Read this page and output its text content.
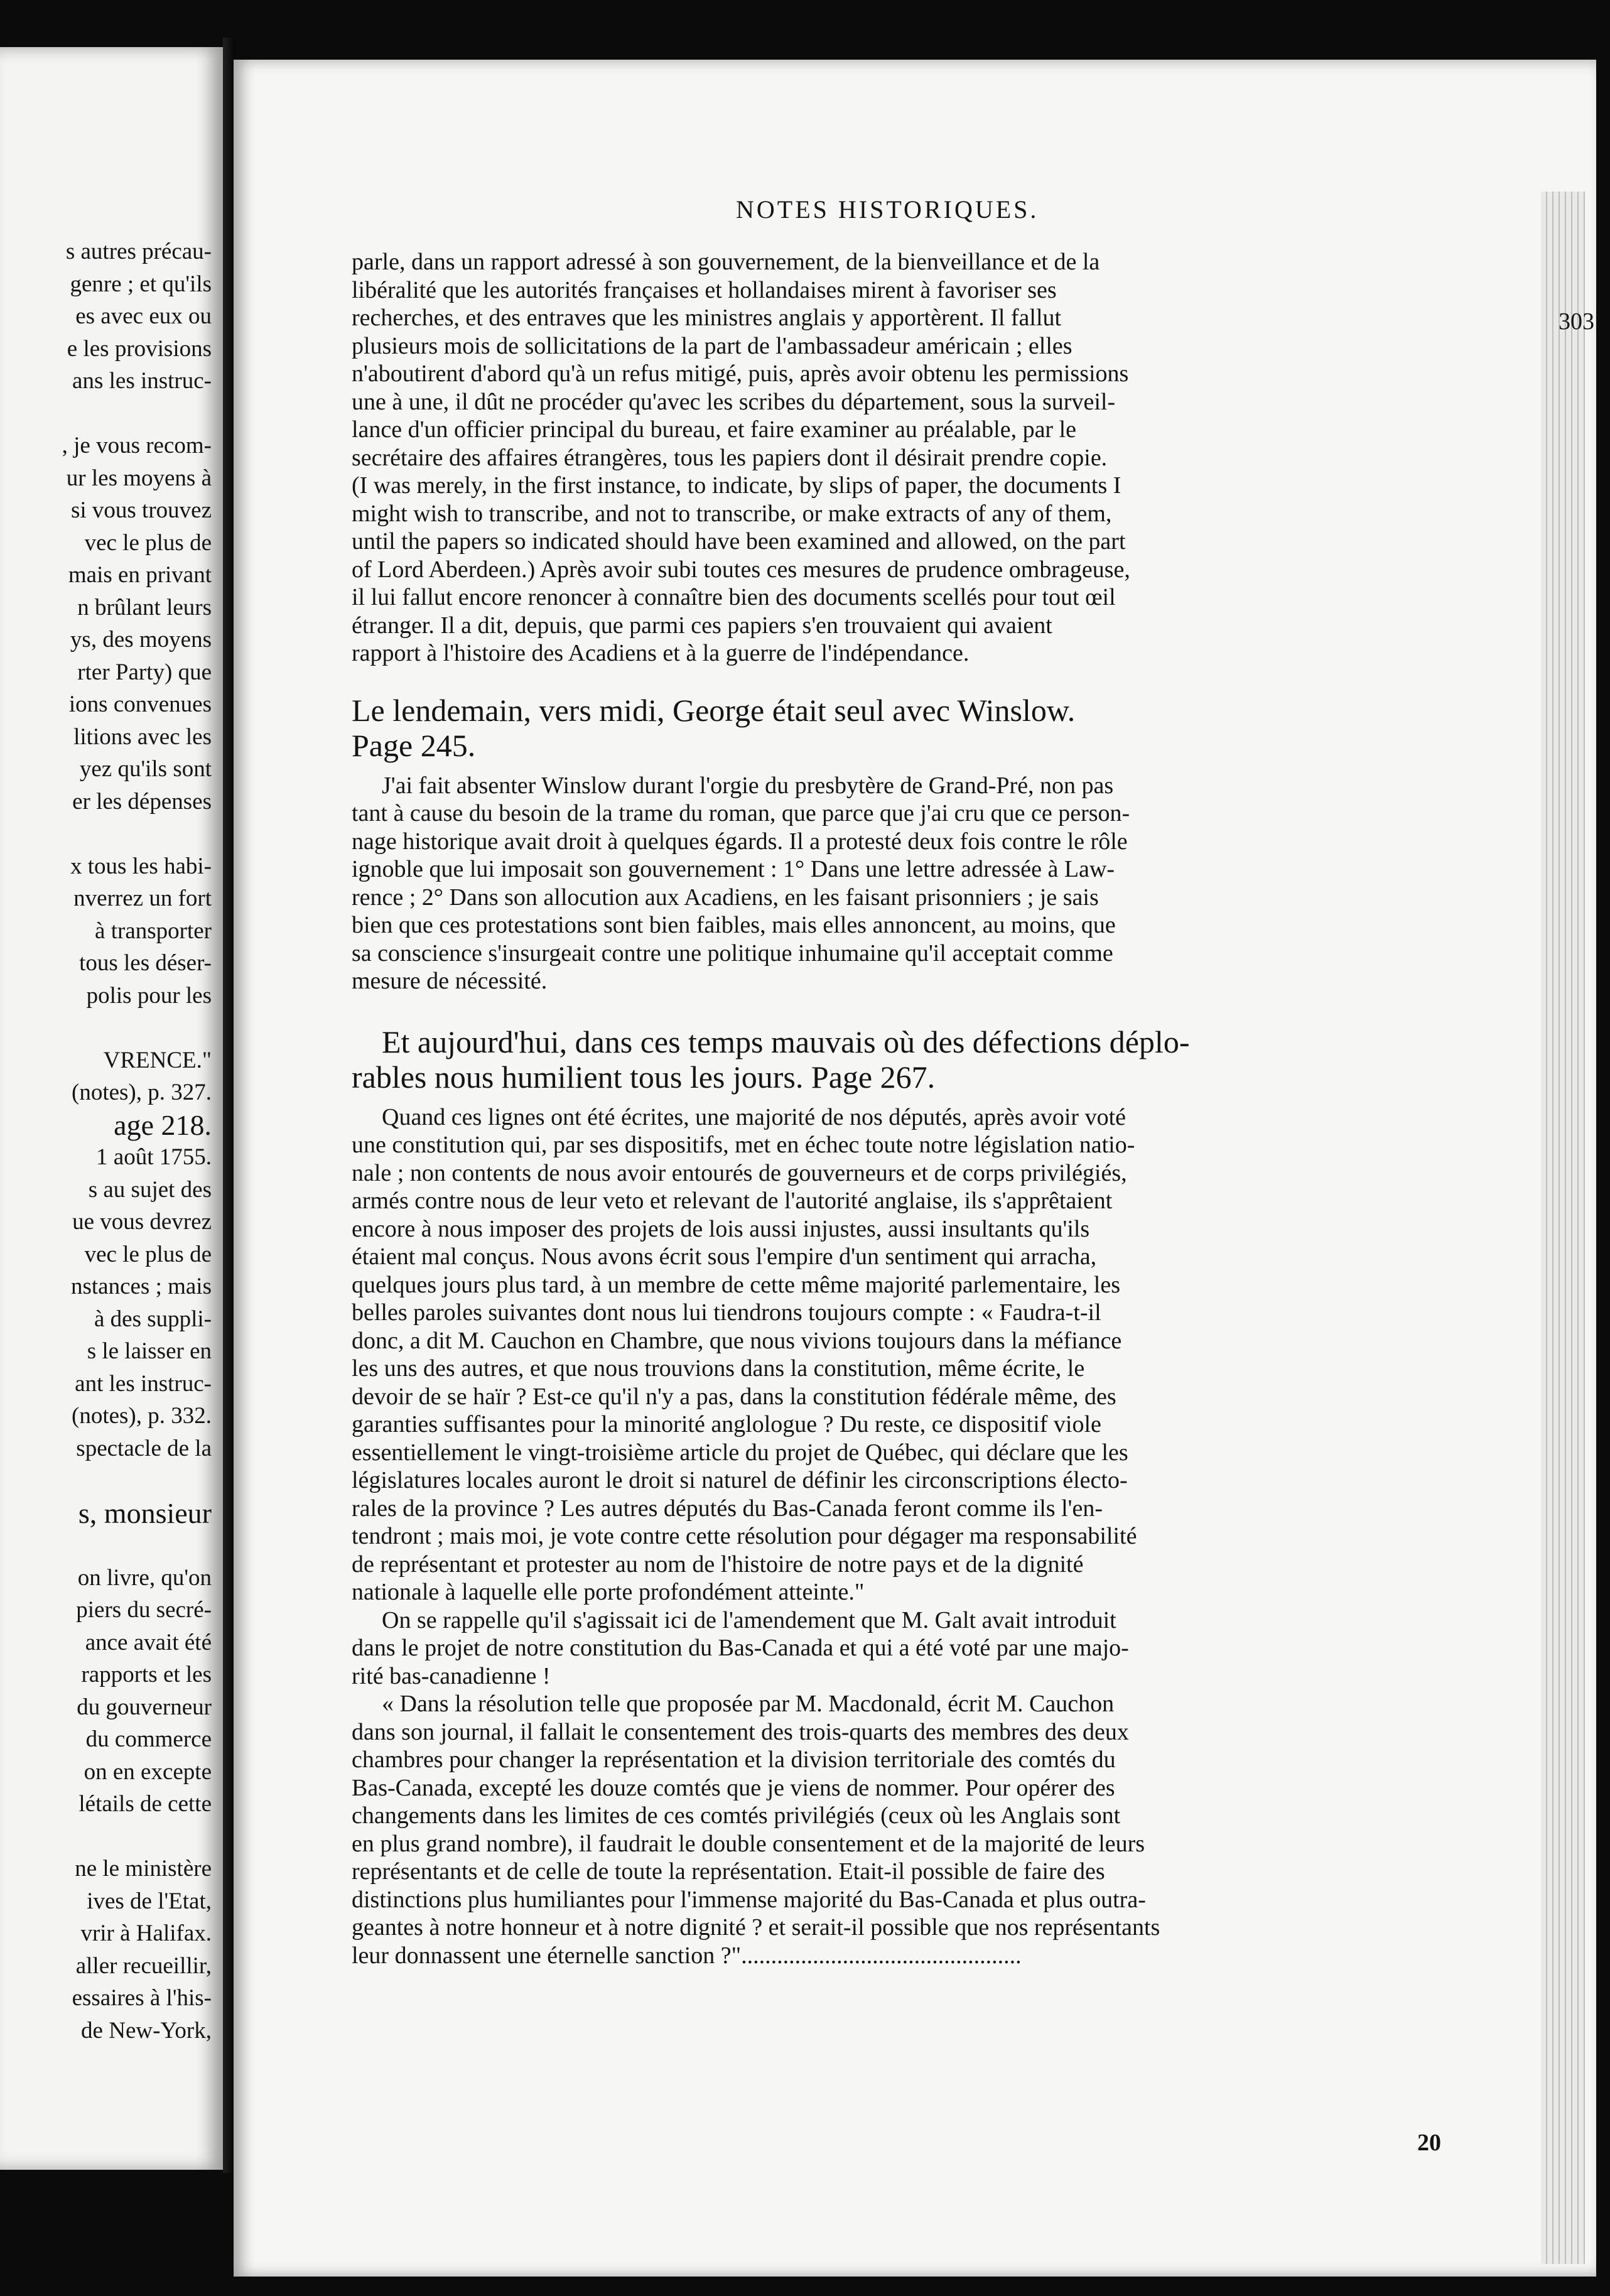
s autres précau-
genre ; et qu'ils
es avec eux ou
e les provisions
ans les instruc-
, je vous recom-
ur les moyens à
si vous trouvez
vec le plus de
mais en privant
n brûlant leurs
ys, des moyens
rter Party) que
ions convenues
litions avec les
yez qu'ils sont
er les dépenses
x tous les habi-
nverrez un fort
à transporter
tous les déser-
polis pour les
VRENCE."
(notes), p. 327.
age 218.
1 août 1755.
s au sujet des
ue vous devrez
vec le plus de
nstances ; mais
à des suppli-
s le laisser en
ant les instruc-
(notes), p. 332.
spectacle de la
s, monsieur
on livre, qu'on
piers du secré-
ance avait été
rapports et les
du gouverneur
du commerce
on en excepte
létails de cette
ne le ministère
ives de l'Etat,
vrir à Halifax.
aller recueillir,
essaires à l'his-
de New-York,
NOTES HISTORIQUES.
303
parle, dans un rapport adressé à son gouvernement, de la bienveillance et de la
libéralité que les autorités françaises et hollandaises mirent à favoriser ses
recherches, et des entraves que les ministres anglais y apportèrent. Il fallut
plusieurs mois de sollicitations de la part de l'ambassadeur américain ; elles
n'aboutirent d'abord qu'à un refus mitigé, puis, après avoir obtenu les permissions
une à une, il dût ne procéder qu'avec les scribes du département, sous la surveil-
lance d'un officier principal du bureau, et faire examiner au préalable, par le
secrétaire des affaires étrangères, tous les papiers dont il désirait prendre copie.
(I was merely, in the first instance, to indicate, by slips of paper, the documents I
might wish to transcribe, and not to transcribe, or make extracts of any of them,
until the papers so indicated should have been examined and allowed, on the part
of Lord Aberdeen.) Après avoir subi toutes ces mesures de prudence ombrageuse,
il lui fallut encore renoncer à connaître bien des documents scellés pour tout œil
étranger. Il a dit, depuis, que parmi ces papiers s'en trouvaient qui avaient
rapport à l'histoire des Acadiens et à la guerre de l'indépendance.
Le lendemain, vers midi, George était seul avec Winslow.
Page 245.
J'ai fait absenter Winslow durant l'orgie du presbytère de Grand-Pré, non pas
tant à cause du besoin de la trame du roman, que parce que j'ai cru que ce person-
nage historique avait droit à quelques égards. Il a protesté deux fois contre le rôle
ignoble que lui imposait son gouvernement : 1° Dans une lettre adressée à Law-
rence ; 2° Dans son allocution aux Acadiens, en les faisant prisonniers ; je sais
bien que ces protestations sont bien faibles, mais elles annoncent, au moins, que
sa conscience s'insurgeait contre une politique inhumaine qu'il acceptait comme
mesure de nécessité.
Et aujourd'hui, dans ces temps mauvais où des défections déplo-
rables nous humilient tous les jours. Page 267.
Quand ces lignes ont été écrites, une majorité de nos députés, après avoir voté
une constitution qui, par ses dispositifs, met en échec toute notre législation natio-
nale ; non contents de nous avoir entourés de gouverneurs et de corps privilégiés,
armés contre nous de leur veto et relevant de l'autorité anglaise, ils s'apprêtaient
encore à nous imposer des projets de lois aussi injustes, aussi insultants qu'ils
étaient mal conçus. Nous avons écrit sous l'empire d'un sentiment qui arracha,
quelques jours plus tard, à un membre de cette même majorité parlementaire, les
belles paroles suivantes dont nous lui tiendrons toujours compte : « Faudra-t-il
donc, a dit M. Cauchon en Chambre, que nous vivions toujours dans la méfiance
les uns des autres, et que nous trouvions dans la constitution, même écrite, le
devoir de se haïr ? Est-ce qu'il n'y a pas, dans la constitution fédérale même, des
garanties suffisantes pour la minorité anglologue ? Du reste, ce dispositif viole
essentiellement le vingt-troisième article du projet de Québec, qui déclare que les
législatures locales auront le droit si naturel de définir les circonscriptions électo-
rales de la province ? Les autres députés du Bas-Canada feront comme ils l'en-
tendront ; mais moi, je vote contre cette résolution pour dégager ma responsabilité
de représentant et protester au nom de l'histoire de notre pays et de la dignité
nationale à laquelle elle porte profondément atteinte."
On se rappelle qu'il s'agissait ici de l'amendement que M. Galt avait introduit
dans le projet de notre constitution du Bas-Canada et qui a été voté par une majo-
rité bas-canadienne !
« Dans la résolution telle que proposée par M. Macdonald, écrit M. Cauchon
dans son journal, il fallait le consentement des trois-quarts des membres des deux
chambres pour changer la représentation et la division territoriale des comtés du
Bas-Canada, excepté les douze comtés que je viens de nommer. Pour opérer des
changements dans les limites de ces comtés privilégiés (ceux où les Anglais sont
en plus grand nombre), il faudrait le double consentement et de la majorité de leurs
représentants et de celle de toute la représentation. Etait-il possible de faire des
distinctions plus humiliantes pour l'immense majorité du Bas-Canada et plus outra-
geantes à notre honneur et à notre dignité ? et serait-il possible que nos représentants
leur donnassent une éternelle sanction ?"...............................................
20
